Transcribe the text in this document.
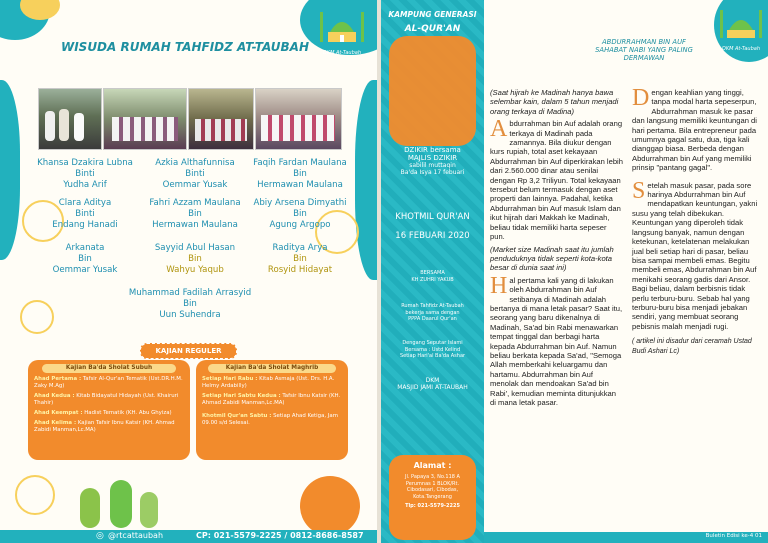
DKM At-Taubah
WISUDA RUMAH TAHFIDZ AT-TAUBAH
Khansa Dzakira Lubna
Binti
Yudha Arif
Azkia Althafunnisa
Binti
Oemmar Yusak
Faqih Fardan Maulana
Bin
Hermawan Maulana
Clara Aditya
Binti
Endang Hanadi
Fahri Azzam Maulana
Bin
Hermawan Maulana
Abiy Arsena Dimyathi
Bin
Agung Argopo
Arkanata
Bin
Oemmar Yusak
Sayyid Abul Hasan
Bin
Wahyu Yaqub
Raditya Arya
Bin
Rosyid Hidayat
Muhammad Fadilah Arrasyid
Bin
Uun Suhendra
KAJIAN REGULER
Kajian Ba'da Sholat Subuh
Ahad Pertama : Tafsir Al-Qur'an Tematik (Ust.DR.H.M. Zaky M.Ag)
Ahad Kedua : Kitab Bidayatul Hidayah (Ust. Khairuri Thahir)
Ahad Keempat : Hadist Tematik (KH. Abu Ghyiza)
Ahad Kelima : Kajian Tafsir Ibnu Katsir (KH. Ahmad Zabidi Manman,Lc.MA)
Kajian Ba'da Sholat Maghrib
Setiap Hari Rabu : Kitab Asmaja (Ust. Drs. H.A. Helmy Ardabilly)
Setiap Hari Sabtu Kedua : Tafsir Ibnu Katsir (KH. Ahmad Zabidi Manman,Lc.MA)
Khotmil Qur'an Sabtu : Setiap Ahad Ketiga, Jam 09.00 s/d Selesai.
◎ @rtcattaubah	CP: 021-5579-2225 / 0812-8686-8587
KAMPUNG GENERASI
AL-QUR'AN
DZIKIR bersama
MAJLIS DZIKIR
sabilil muttaqin
Ba'da Isya 17 febuari
KHOTMIL QUR'AN
16 FEBUARI 2020
BERSAMA
KH ZUHRI YAKUB
Rumah Tahfidz At-Taubah
bekerja sama dengan
PPPA Daarul Qur'an
Dengang Seputar Islami
Bersama : Ustd Kelind
Setiap Hari'al Ba'da Ashar
DKM
MASJID JAMI AT-TAUBAH
Alamat :
Jl. Papaya 3, No.118 A
Perumnas 1 BLOK/Rt.
Cibodasari, Cibodas,
Kota.Tangerang
Tlp: 021-5579-2225
DKM At-Taubah
ABDURRAHMAN BIN AUF
SAHABAT NABI YANG PALING DERMAWAN

(Saat hijrah ke Madinah hanya bawa selembar kain, dalam 5 tahun menjadi orang terkaya di Madina)

Abdurrahman bin Auf adalah orang terkaya di Madinah pada zamannya. Bila diukur dengan kurs rupiah, total aset kekayaan Abdurrahman bin Auf diperkirakan lebih dari 2.560.000 dinar atau senilai dengan Rp 3,2 Triliyun. Total kekayaan tersebut belum termasuk dengan aset properti dan lainnya. Padahal, ketika Abdurrahman bin Auf masuk Islam dan ikut hijrah dari Makkah ke Madinah, beliau tidak memiliki harta sepeser pun.

(Market size Madinah saat itu jumlah penduduknya tidak seperti kota-kota besar di dunia saat ini)

Hal pertama kali yang di lakukan oleh Abdurrahman bin Auf setibanya di Madinah adalah bertanya di mana letak pasar? Saat itu, seorang yang baru dikenalnya di Madinah, Sa'ad bin Rabi menawarkan tempat tinggal dan berbagi harta kepada Abdurrahman bin Auf. Namun beliau berkata kepada Sa'ad, "Semoga Allah memberkahi keluargamu dan hartamu. Abdurrahman bin Auf menolak dan mendoakan Sa'ad bin Rabi', kemudian meminta ditunjukkan di mana letak pasar.

Dengan keahlian yang tinggi, tanpa modal harta sepeserpun, Abdurrahman masuk ke pasar dan langsung memiliki keuntungan di hari pertama. Bila entrepreneur pada umumnya gagal satu, dua, tiga kali dianggap biasa. Berbeda dengan Abdurrahman bin Auf yang memiliki prinsip "pantang gagal".

Setelah masuk pasar, pada sore harinya Abdurrahman bin Auf mendapatkan keuntungan, yakni susu yang telah dibekukan. Keuntungan yang diperoleh tidak langsung banyak, namun dengan ketekunan, ketelatenan melakukan jual beli setiap hari di pasar, beliau bisa sampai membeli emas. Begitu membeli emas, Abdurrahman bin Auf menikahi seorang gadis dari Ansor. Bagi beliau, dalam berbisnis tidak perlu terburu-buru. Sebab hal yang terburu-buru bisa menjadi jebakan sendiri, yang membuat seorang pebisnis malah menjadi rugi.

( artikel ini disadur dari ceramah Ustad Budi Ashari Lc)

Buletin Edisi ke-4 01
